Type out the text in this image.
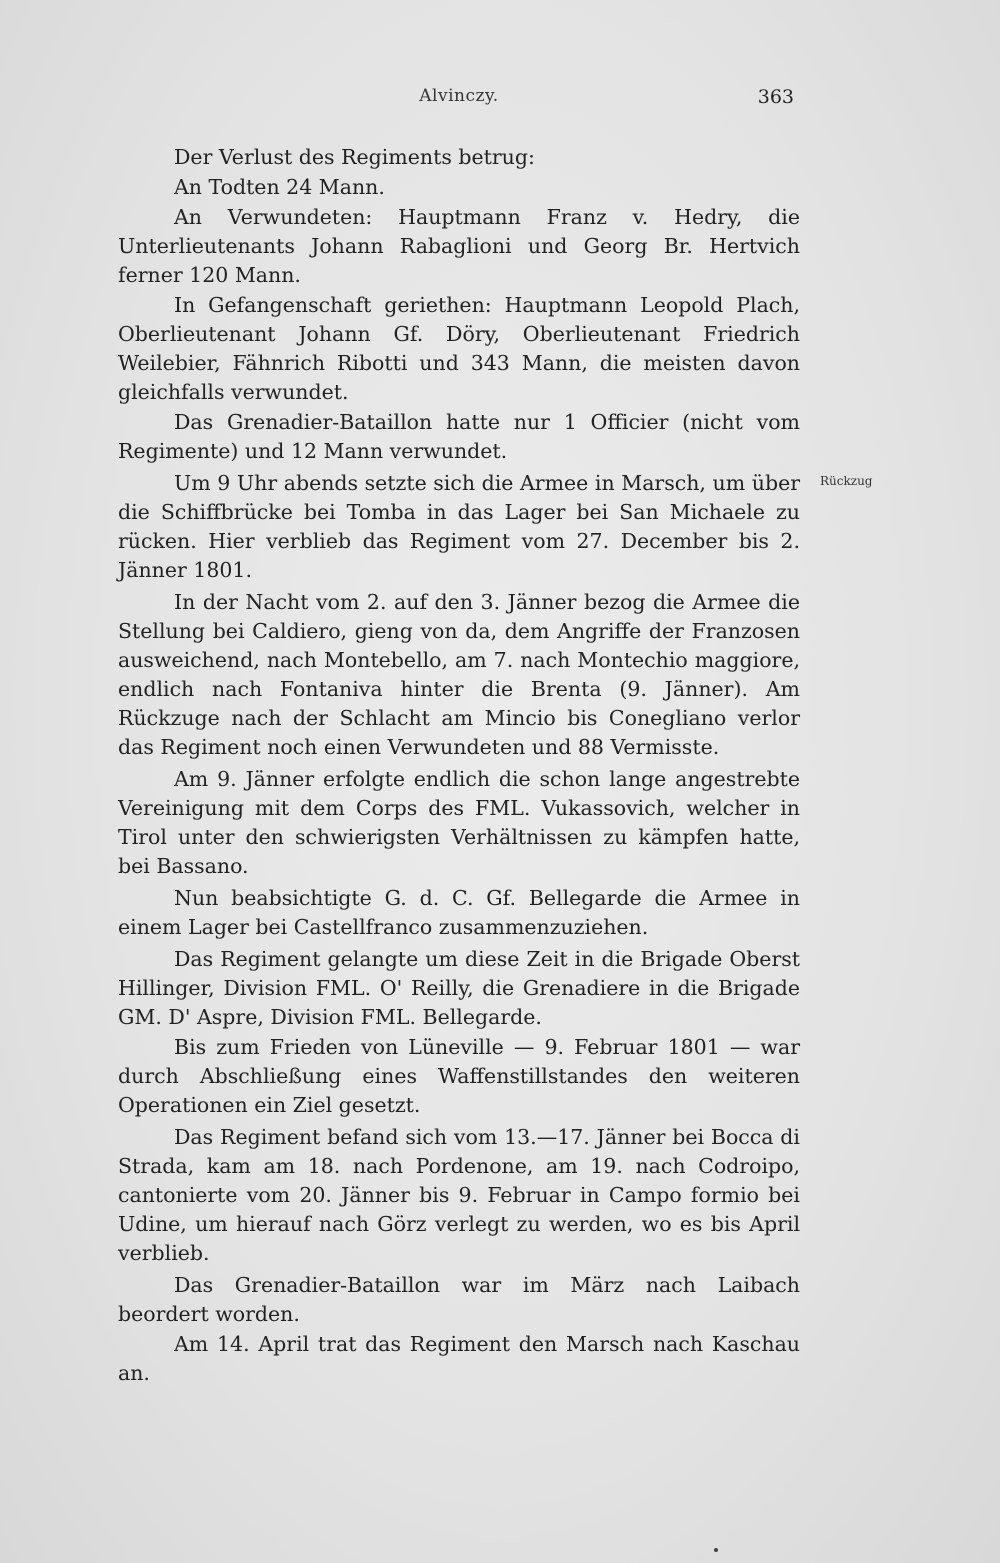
Alvinczy.	363

Der Verlust des Regiments betrug:

An Todten 24 Mann.

An Verwundeten: Hauptmann Franz v. Hedry, die Unterlieutenants Johann Rabaglioni und Georg Br. Hertvich ferner 120 Mann.

In Gefangenschaft geriethen: Hauptmann Leopold Plach, Oberlieutenant Johann Gf. Döry, Oberlieutenant Friedrich Weilebier, Fähnrich Ribotti und 343 Mann, die meisten davon gleichfalls verwundet.

Das Grenadier-Bataillon hatte nur 1 Officier (nicht vom Regimente) und 12 Mann verwundet.

Um 9 Uhr abends setzte sich die Armee in Marsch, um über die Schiffbrücke bei Tomba in das Lager bei San Michaele zu rücken. Hier verblieb das Regiment vom 27. December bis 2. Jänner 1801.

In der Nacht vom 2. auf den 3. Jänner bezog die Armee die Stellung bei Caldiero, gieng von da, dem Angriffe der Franzosen ausweichend, nach Montebello, am 7. nach Montechio maggiore, endlich nach Fontaniva hinter die Brenta (9. Jänner). Am Rückzuge nach der Schlacht am Mincio bis Conegliano verlor das Regiment noch einen Verwundeten und 88 Vermisste.

Am 9. Jänner erfolgte endlich die schon lange angestrebte Vereinigung mit dem Corps des FML. Vukassovich, welcher in Tirol unter den schwierigsten Verhältnissen zu kämpfen hatte, bei Bassano.

Nun beabsichtigte G. d. C. Gf. Bellegarde die Armee in einem Lager bei Castellfranco zusammenzuziehen.

Das Regiment gelangte um diese Zeit in die Brigade Oberst Hillinger, Division FML. O' Reilly, die Grenadiere in die Brigade GM. D' Aspre, Division FML. Bellegarde.

Bis zum Frieden von Lüneville — 9. Februar 1801 — war durch Abschließung eines Waffenstillstandes den weiteren Operationen ein Ziel gesetzt.

Das Regiment befand sich vom 13.—17. Jänner bei Bocca di Strada, kam am 18. nach Pordenone, am 19. nach Codroipo, cantonierte vom 20. Jänner bis 9. Februar in Campo formio bei Udine, um hierauf nach Görz verlegt zu werden, wo es bis April verblieb.

Das Grenadier-Bataillon war im März nach Laibach beordert worden.

Am 14. April trat das Regiment den Marsch nach Kaschau an.

Rückzug
